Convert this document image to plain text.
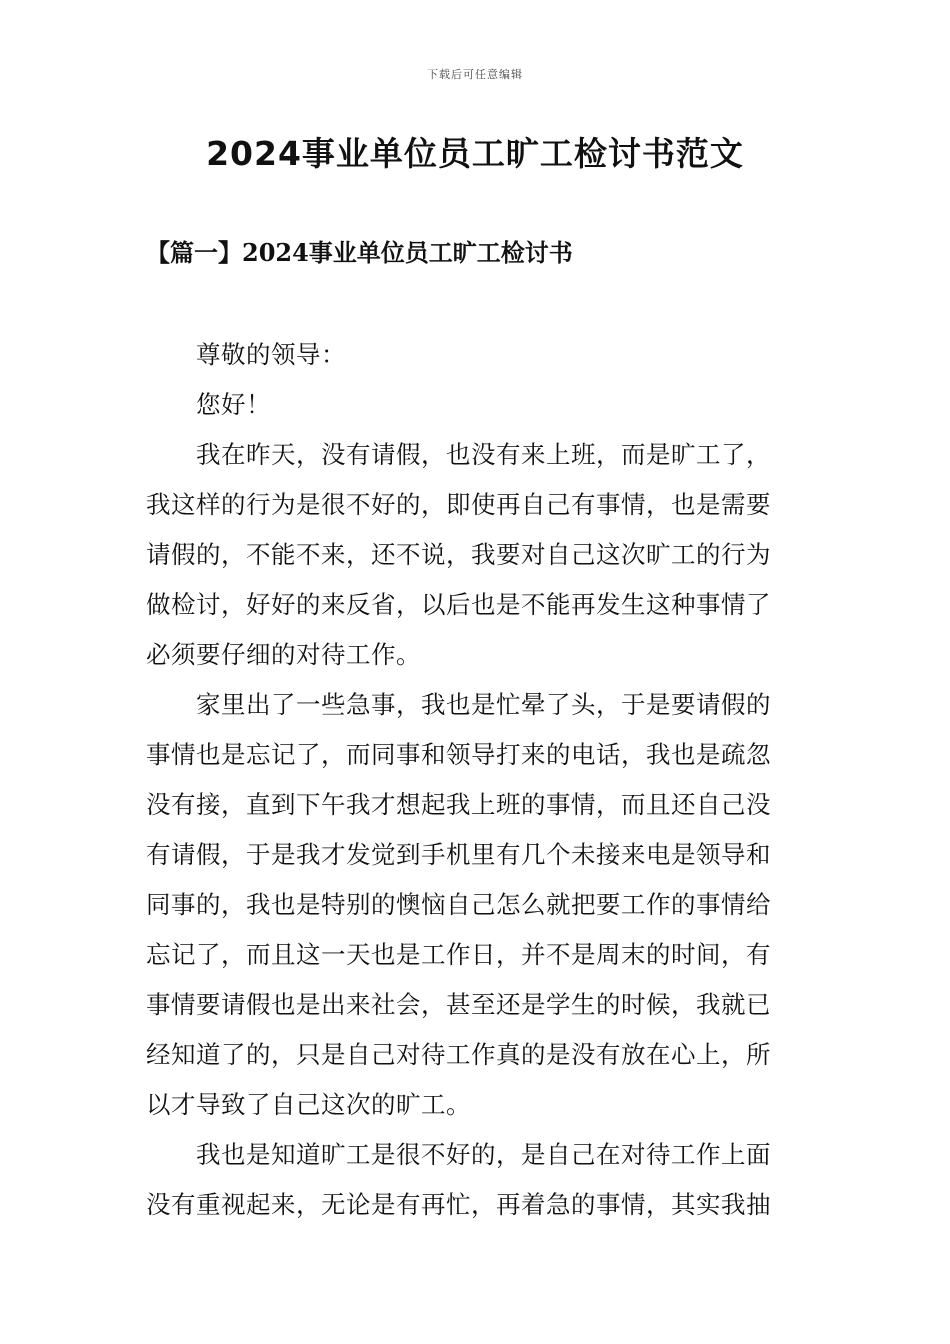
下载后可任意编辑
2024事业单位员工旷工检讨书范文
【篇一】2024事业单位员工旷工检讨书
尊敬的领导：
您好！
我在昨天，没有请假，也没有来上班，而是旷工了，
我这样的行为是很不好的，即使再自己有事情，也是需要
请假的，不能不来，还不说，我要对自己这次旷工的行为
做检讨，好好的来反省，以后也是不能再发生这种事情了
必须要仔细的对待工作。
家里出了一些急事，我也是忙晕了头，于是要请假的
事情也是忘记了，而同事和领导打来的电话，我也是疏忽
没有接，直到下午我才想起我上班的事情，而且还自己没
有请假，于是我才发觉到手机里有几个未接来电是领导和
同事的，我也是特别的懊恼自己怎么就把要工作的事情给
忘记了，而且这一天也是工作日，并不是周末的时间，有
事情要请假也是出来社会，甚至还是学生的时候，我就已
经知道了的，只是自己对待工作真的是没有放在心上，所
以才导致了自己这次的旷工。
我也是知道旷工是很不好的，是自己在对待工作上面
没有重视起来，无论是有再忙，再着急的事情，其实我抽
